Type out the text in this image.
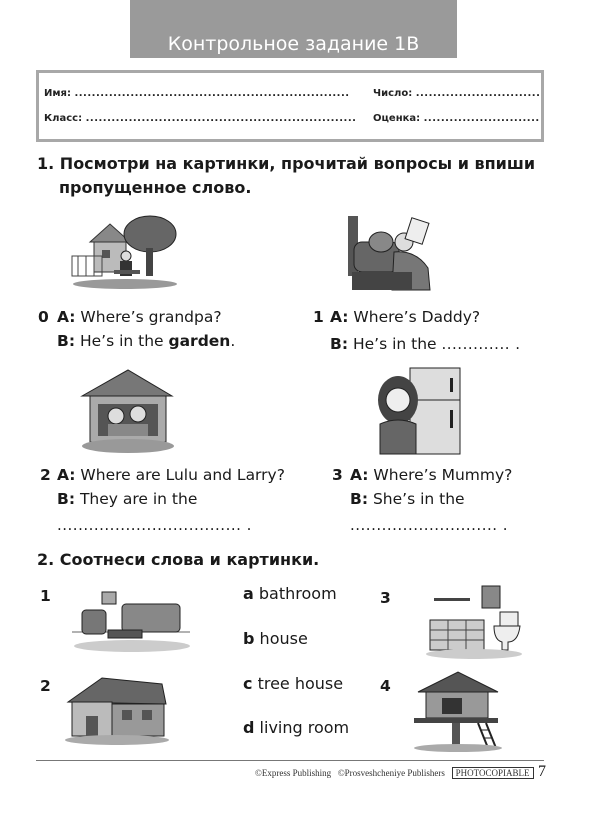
Контрольное задание 1В
Имя: ................................................................
Класс: ...............................................................
Число: .............................
Оценка: ...........................
1. Посмотри на картинки, прочитай вопросы и впиши
пропущенное слово.
0 A: Where’s grandpa?
B: He’s in the garden.
1 A: Where’s Daddy?
B: He’s in the ............. .
2 A: Where are Lulu and Larry?
B: They are in the
................................... .
3 A: Where’s Mummy?
B: She’s in the
............................ .
2. Соотнеси слова и картинки.
1
2
a bathroom
b house
c tree house
d living room
3
4
©Express Publishing ©Prosveshcheniye Publishers PHOTOCOPIABLE 7
